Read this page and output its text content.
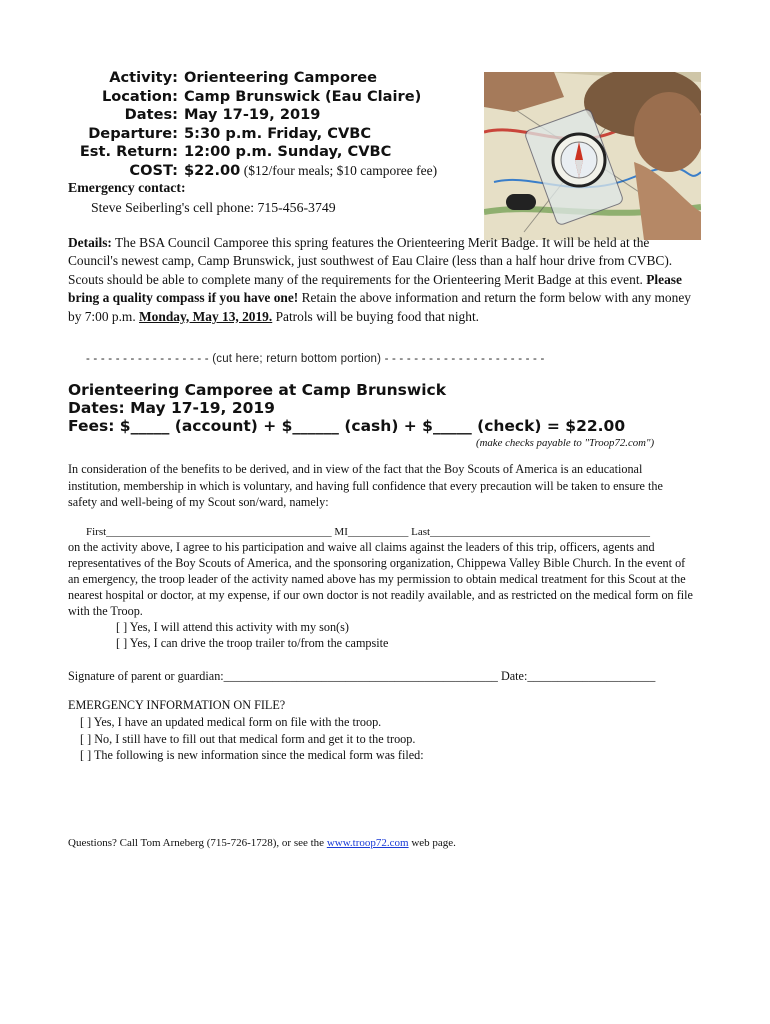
Activity: Orienteering Camporee
Location: Camp Brunswick (Eau Claire)
Dates: May 17-19, 2019
Departure: 5:30 p.m. Friday, CVBC
Est. Return: 12:00 p.m. Sunday, CVBC
COST: $22.00 ($12/four meals; $10 camporee fee)
Emergency contact:
Steve Seiberling's cell phone: 715-456-3749
Details: The BSA Council Camporee this spring features the Orienteering Merit Badge. It will be held at the Council's newest camp, Camp Brunswick, just southwest of Eau Claire (less than a half hour drive from CVBC). Scouts should be able to complete many of the requirements for the Orienteering Merit Badge at this event. Please bring a quality compass if you have one! Retain the above information and return the form below with any money by 7:00 p.m. Monday, May 13, 2019. Patrols will be buying food that night.
- - - - - - - - - - - - - - - - - (cut here; return bottom portion) - - - - - - - - - - - - - - - - - - - - - -
Orienteering Camporee at Camp Brunswick
Dates: May 17-19, 2019
Fees: $_____ (account) + $______ (cash) + $_____ (check) = $22.00
(make checks payable to "Troop72.com")
In consideration of the benefits to be derived, and in view of the fact that the Boy Scouts of America is an educational institution, membership in which is voluntary, and having full confidence that every precaution will be taken to ensure the safety and well-being of my Scout son/ward, namely:
First_________________________________________ MI___________ Last________________________________________
on the activity above, I agree to his participation and waive all claims against the leaders of this trip, officers, agents and representatives of the Boy Scouts of America, and the sponsoring organization, Chippewa Valley Bible Church. In the event of an emergency, the troop leader of the activity named above has my permission to obtain medical treatment for this Scout at the nearest hospital or doctor, at my expense, if our own doctor is not readily available, and as restricted on the medical form on file with the Troop.
[ ] Yes, I will attend this activity with my son(s)
[ ] Yes, I can drive the troop trailer to/from the campsite
Signature of parent or guardian:_____________________________________________ Date:_____________________
EMERGENCY INFORMATION ON FILE?
[ ] Yes, I have an updated medical form on file with the troop.
[ ] No, I still have to fill out that medical form and get it to the troop.
[ ] The following is new information since the medical form was filed:
Questions? Call Tom Arneberg (715-726-1728), or see the www.troop72.com web page.
